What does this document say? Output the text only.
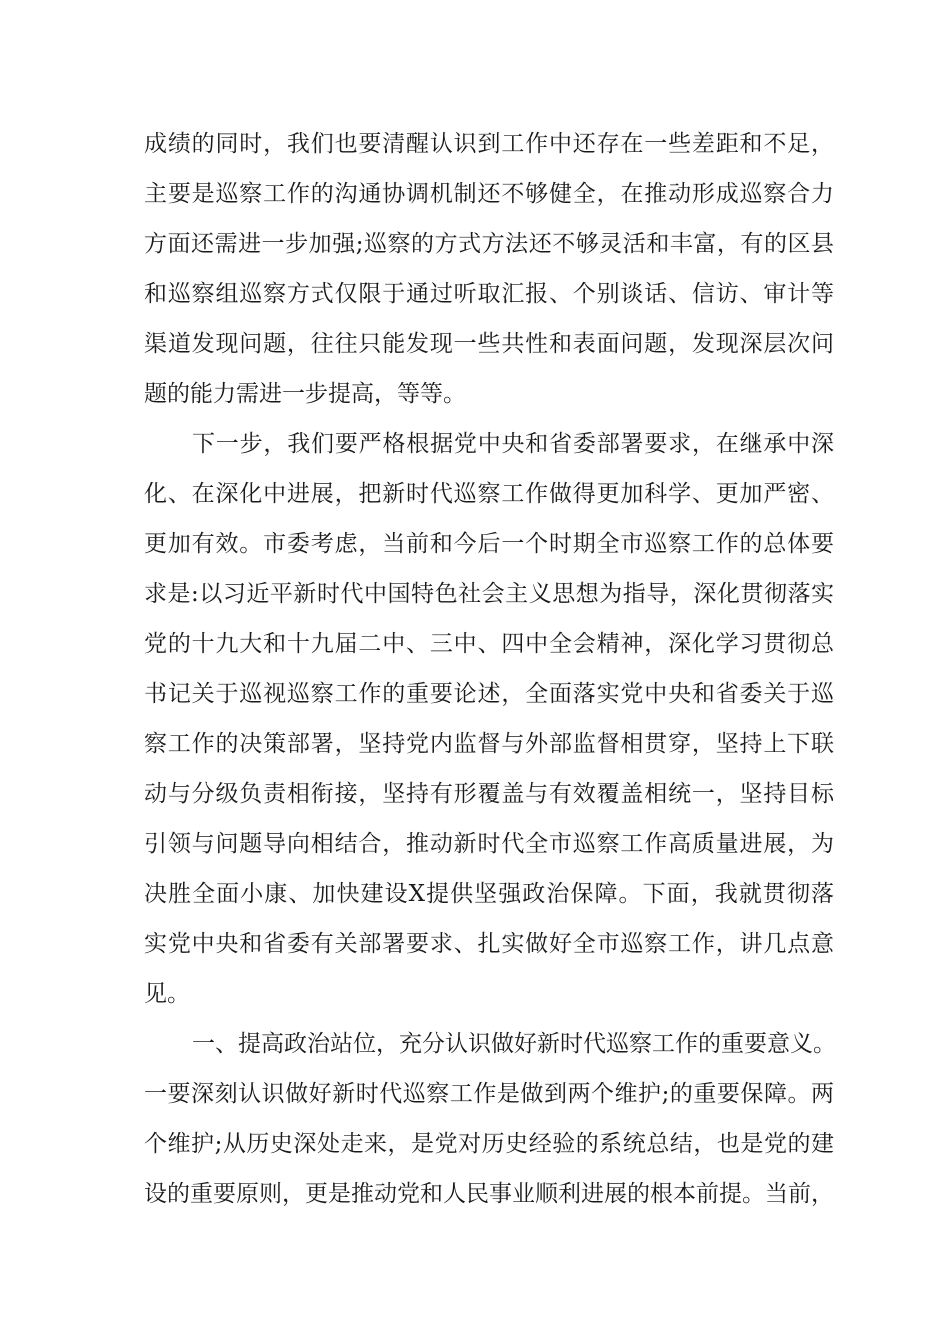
成绩的同时，我们也要清醒认识到工作中还存在一些差距和不足，
主要是巡察工作的沟通协调机制还不够健全，在推动形成巡察合力
方面还需进一步加强;巡察的方式方法还不够灵活和丰富，有的区县
和巡察组巡察方式仅限于通过听取汇报、个别谈话、信访、审计等
渠道发现问题，往往只能发现一些共性和表面问题，发现深层次问
题的能力需进一步提高，等等。
下一步，我们要严格根据党中央和省委部署要求，在继承中深
化、在深化中进展，把新时代巡察工作做得更加科学、更加严密、
更加有效。市委考虑，当前和今后一个时期全市巡察工作的总体要
求是:以习近平新时代中国特色社会主义思想为指导，深化贯彻落实
党的十九大和十九届二中、三中、四中全会精神，深化学习贯彻总
书记关于巡视巡察工作的重要论述，全面落实党中央和省委关于巡
察工作的决策部署，坚持党内监督与外部监督相贯穿，坚持上下联
动与分级负责相衔接，坚持有形覆盖与有效覆盖相统一，坚持目标
引领与问题导向相结合，推动新时代全市巡察工作高质量进展，为
决胜全面小康、加快建设X提供坚强政治保障。下面，我就贯彻落
实党中央和省委有关部署要求、扎实做好全市巡察工作，讲几点意
见。
一、提高政治站位，充分认识做好新时代巡察工作的重要意义。
一要深刻认识做好新时代巡察工作是做到两个维护;的重要保障。两
个维护;从历史深处走来，是党对历史经验的系统总结，也是党的建
设的重要原则，更是推动党和人民事业顺利进展的根本前提。当前，
